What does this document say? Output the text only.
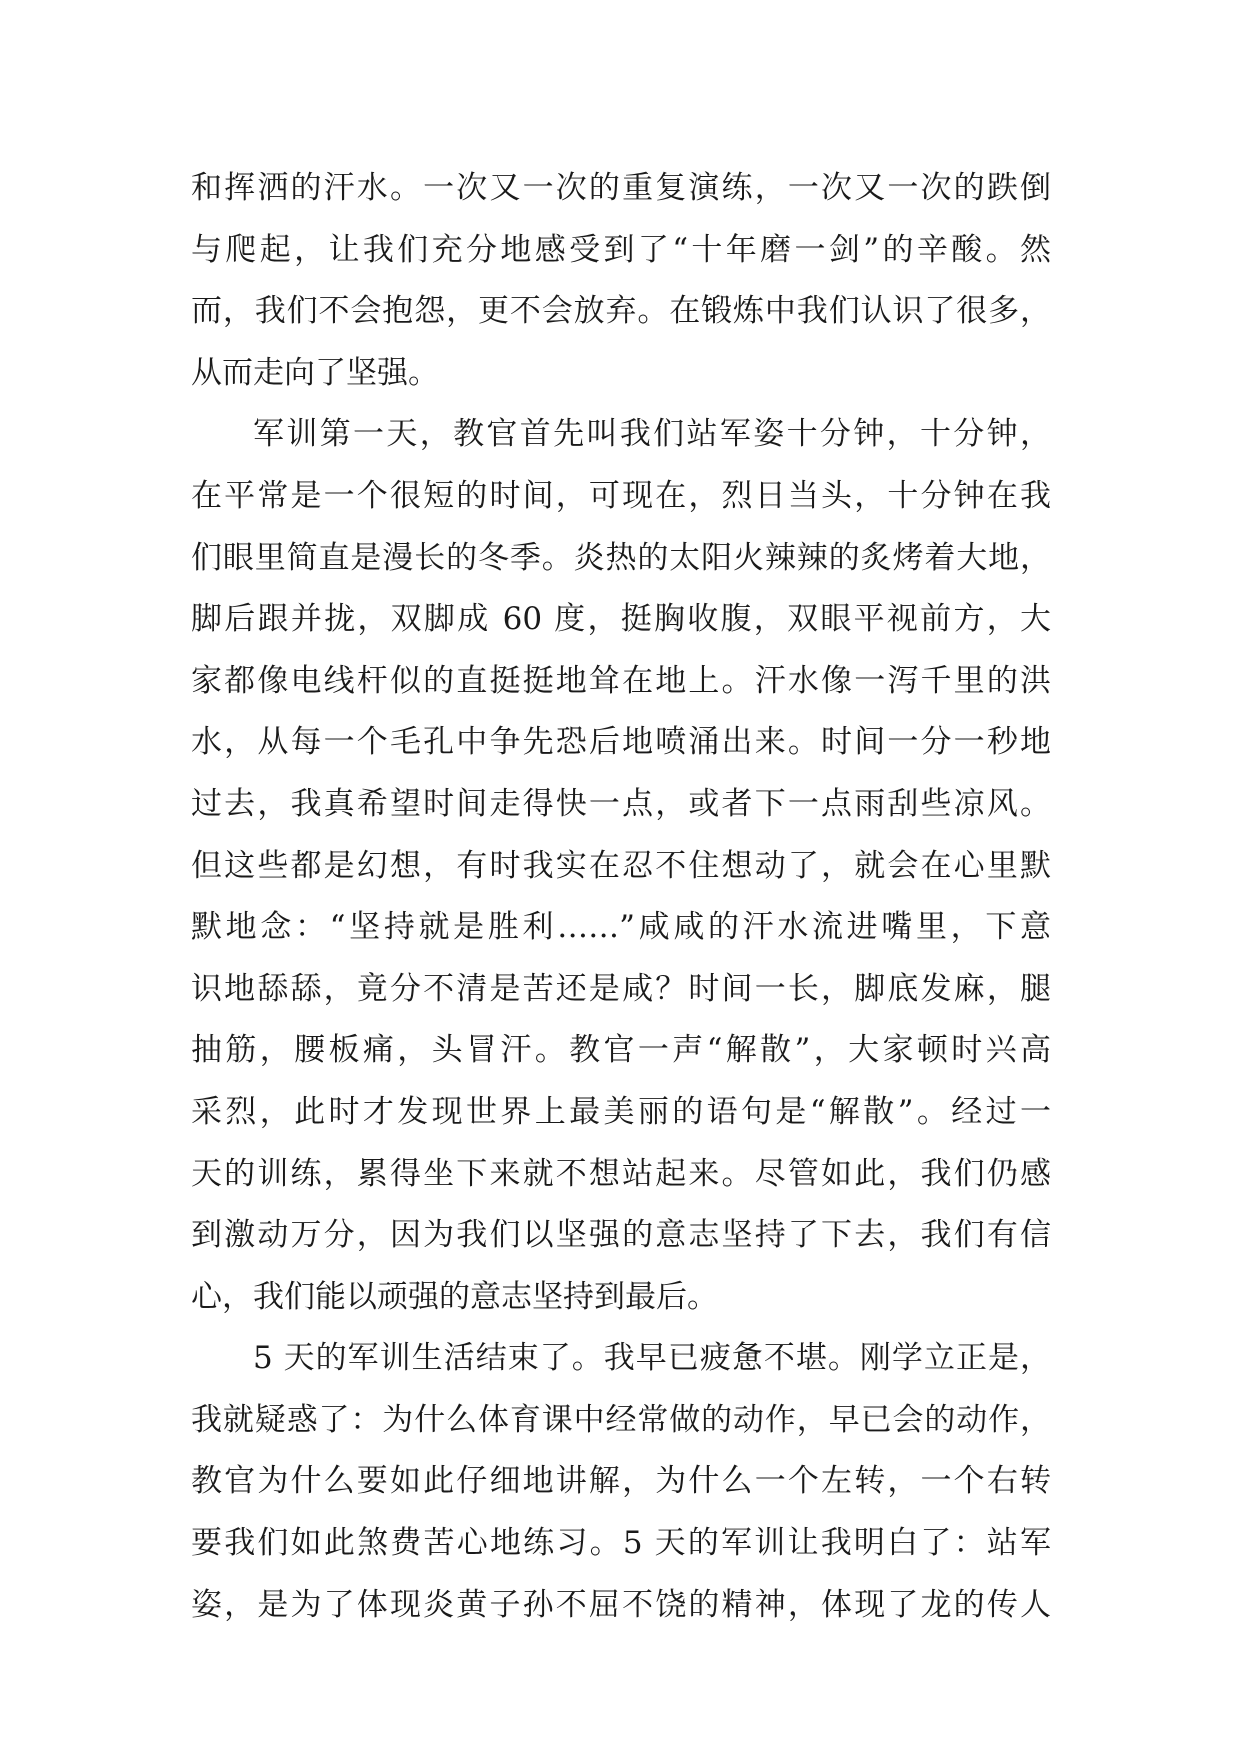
和挥洒的汗水。一次又一次的重复演练，一次又一次的跌倒
与爬起，让我们充分地感受到了“十年磨一剑”的辛酸。然
而，我们不会抱怨，更不会放弃。在锻炼中我们认识了很多，
从而走向了坚强。
军训第一天，教官首先叫我们站军姿十分钟，十分钟，
在平常是一个很短的时间，可现在，烈日当头，十分钟在我
们眼里简直是漫长的冬季。炎热的太阳火辣辣的炙烤着大地，
脚后跟并拢，双脚成 60 度，挺胸收腹，双眼平视前方，大
家都像电线杆似的直挺挺地耸在地上。汗水像一泻千里的洪
水，从每一个毛孔中争先恐后地喷涌出来。时间一分一秒地
过去，我真希望时间走得快一点，或者下一点雨刮些凉风。
但这些都是幻想，有时我实在忍不住想动了，就会在心里默
默地念：“坚持就是胜利……”咸咸的汗水流进嘴里，下意
识地舔舔，竟分不清是苦还是咸？时间一长，脚底发麻，腿
抽筋，腰板痛，头冒汗。教官一声“解散”，大家顿时兴高
采烈，此时才发现世界上最美丽的语句是“解散”。经过一
天的训练，累得坐下来就不想站起来。尽管如此，我们仍感
到激动万分，因为我们以坚强的意志坚持了下去，我们有信
心，我们能以顽强的意志坚持到最后。
5 天的军训生活结束了。我早已疲惫不堪。刚学立正是，
我就疑惑了：为什么体育课中经常做的动作，早已会的动作，
教官为什么要如此仔细地讲解，为什么一个左转，一个右转
要我们如此煞费苦心地练习。5 天的军训让我明白了：站军
姿，是为了体现炎黄子孙不屈不饶的精神，体现了龙的传人
